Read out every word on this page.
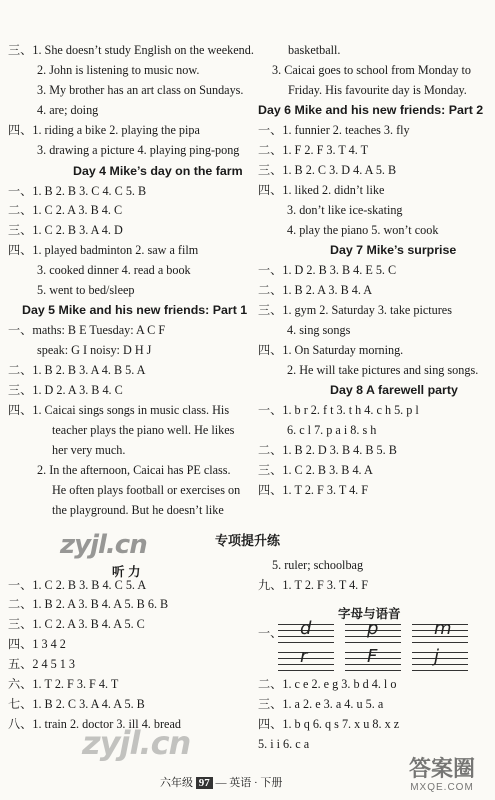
三、1. She doesn’t study English on the weekend.
2. John is listening to music now.
3. My brother has an art class on Sundays.
4. are; doing
四、1. riding a bike 2. playing the pipa
3. drawing a picture 4. playing ping-pong
Day 4 Mike’s day on the farm
一、1. B 2. B 3. C 4. C 5. B
二、1. C 2. A 3. B 4. C
三、1. C 2. B 3. A 4. D
四、1. played badminton 2. saw a film
3. cooked dinner 4. read a book
5. went to bed/sleep
Day 5 Mike and his new friends: Part 1
一、maths: B E Tuesday: A C F
speak: G I noisy: D H J
二、1. B 2. B 3. A 4. B 5. A
三、1. D 2. A 3. B 4. C
四、1. Caicai sings songs in music class. His
teacher plays the piano well. He likes
her very much.
2. In the afternoon, Caicai has PE class.
He often plays football or exercises on
the playground. But he doesn’t like
basketball.
3. Caicai goes to school from Monday to
Friday. His favourite day is Monday.
Day 6 Mike and his new friends: Part 2
一、1. funnier 2. teaches 3. fly
二、1. F 2. F 3. T 4. T
三、1. B 2. C 3. D 4. A 5. B
四、1. liked 2. didn’t like
3. don’t like ice-skating
4. play the piano 5. won’t cook
Day 7 Mike’s surprise
一、1. D 2. B 3. B 4. E 5. C
二、1. B 2. A 3. B 4. A
三、1. gym 2. Saturday 3. take pictures
4. sing songs
四、1. On Saturday morning.
2. He will take pictures and sing songs.
Day 8 A farewell party
一、1. b r 2. f t 3. t h 4. c h 5. p l
6. c l 7. p a i 8. s h
二、1. B 2. D 3. B 4. B 5. B
三、1. C 2. B 3. B 4. A
四、1. T 2. F 3. T 4. F
一、1. C 2. B 3. B 4. C 5. A
二、1. B 2. A 3. B 4. A 5. B 6. B
三、1. C 2. A 3. B 4. A 5. C
四、1 3 4 2
五、2 4 5 1 3
六、1. T 2. F 3. F 4. T
七、1. B 2. C 3. A 4. A 5. B
八、1. train 2. doctor 3. ill 4. bread
5. ruler; schoolbag
九、1. T 2. F 3. T 4. F
二、1. c e 2. e g 3. b d 4. l o
三、1. a 2. e 3. a 4. u 5. a
四、1. b q 6. q s 7. x u 8. x z
5. i i 6. c a
zyjl.cn
zyjl.cn
答案圈
MXQE.COM
专项提升练
听 力
字母与语音
一、 d	p	m
r	F	j
六年级 97 — 英语 · 下册
